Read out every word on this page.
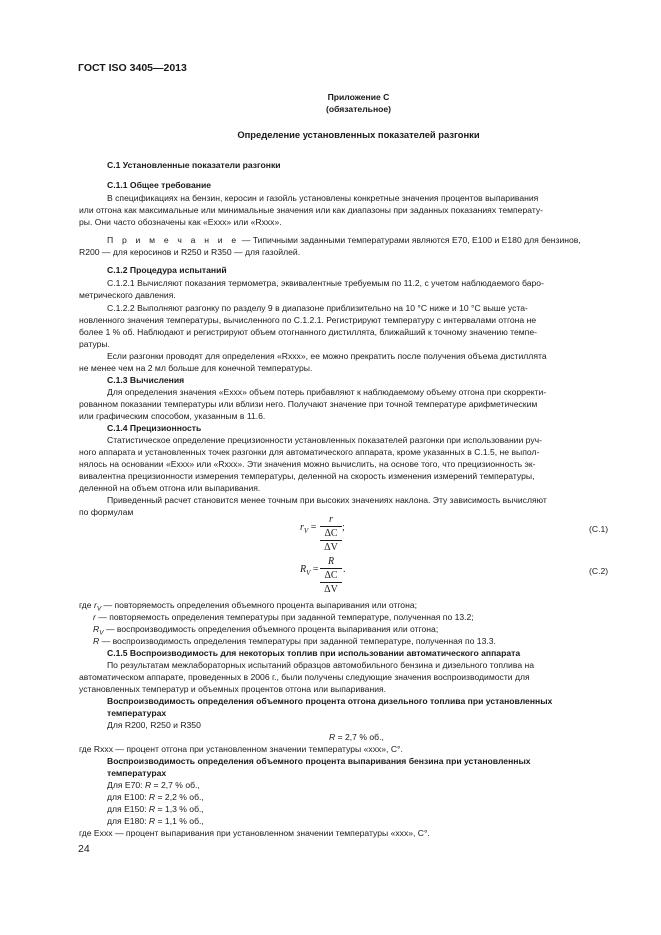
ГОСТ ISO 3405—2013
Приложение С
(обязательное)
Определение установленных показателей разгонки
С.1 Установленные показатели разгонки
С.1.1 Общее требование
В спецификациях на бензин, керосин и газойль установлены конкретные значения процентов выпаривания
или отгона как максимальные или минимальные значения или как диапазоны при заданных показаниях температу-
ры. Они часто обозначены как «Ехxx» или «Rxxx».
П р и м е ч а н и е — Типичными заданными температурами являются Е70, Е100 и Е180 для бензинов,
R200 — для керосинов и R250 и R350 — для газойлей.
С.1.2 Процедура испытаний
С.1.2.1 Вычисляют показания термометра, эквивалентные требуемым по 11.2, с учетом наблюдаемого баро-
метрического давления.
С.1.2.2 Выполняют разгонку по разделу 9 в диапазоне приблизительно на 10 °С ниже и 10 °С выше уста-
новленного значения температуры, вычисленного по С.1.2.1. Регистрируют температуру с интервалами отгона не
более 1 % об. Наблюдают и регистрируют объем отогнанного дистиллята, ближайший к точному значению темпе-
ратуры.
Если разгонки проводят для определения «Rxxx», ее можно прекратить после получения объема дистиллята
не менее чем на 2 мл больше для конечной температуры.
С.1.3 Вычисления
Для определения значения «Ехxx» объем потерь прибавляют к наблюдаемому объему отгона при скорректи-
рованном показании температуры или вблизи него. Получают значение при точной температуре арифметическим
или графическим способом, указанным в 11.6.
С.1.4 Прецизионность
Статистическое определение прецизионности установленных показателей разгонки при использовании руч-
ного аппарата и установленных точек разгонки для автоматического аппарата, кроме указанных в С.1.5, не выпол-
нялось на основании «Ехxx» или «Rxxx». Эти значения можно вычислить, на основе того, что прецизионность эк-
вивалентна прецизионности измерения температуры, деленной на скорость изменения измерений температуры,
деленной на объем отгона или выпаривания.
Приведенный расчет становится менее точным при высоких значениях наклона. Эту зависимость вычисляют
по формулам
$r_V$ =
r
ΔC
ΔV
;	(С.1)
$R_V$ =
R
ΔC
ΔV
.	(С.2)
где $r_V$ — повторяемость определения объемного процента выпаривания или отгона;
r — повторяемость определения температуры при заданной температуре, полученная по 13.2;
$R_V$ — воспроизводимость определения объемного процента выпаривания или отгона;
R — воспроизводимость определения температуры при заданной температуре, полученная по 13.3.
С.1.5 Воспроизводимость для некоторых топлив при использовании автоматического аппарата
По результатам межлабораторных испытаний образцов автомобильного бензина и дизельного топлива на
автоматическом аппарате, проведенных в 2006 г., были получены следующие значения воспроизводимости для
установленных температур и объемных процентов отгона или выпаривания.
Воспроизводимость определения объемного процента отгона дизельного топлива при установленных
температурах
Для R200, R250 и R350
R = 2,7 % об.,
где Rxxx — процент отгона при установленном значении температуры «xxx», С°.
Воспроизводимость определения объемного процента выпаривания бензина при установленных
температурах
Для Е70: R = 2,7 % об.,
для Е100: R = 2,2 % об.,
для Е150: R = 1,3 % об.,
для Е180: R = 1,1 % об.,
где Ехxx — процент выпаривания при установленном значении температуры «xxx», С°.
24
